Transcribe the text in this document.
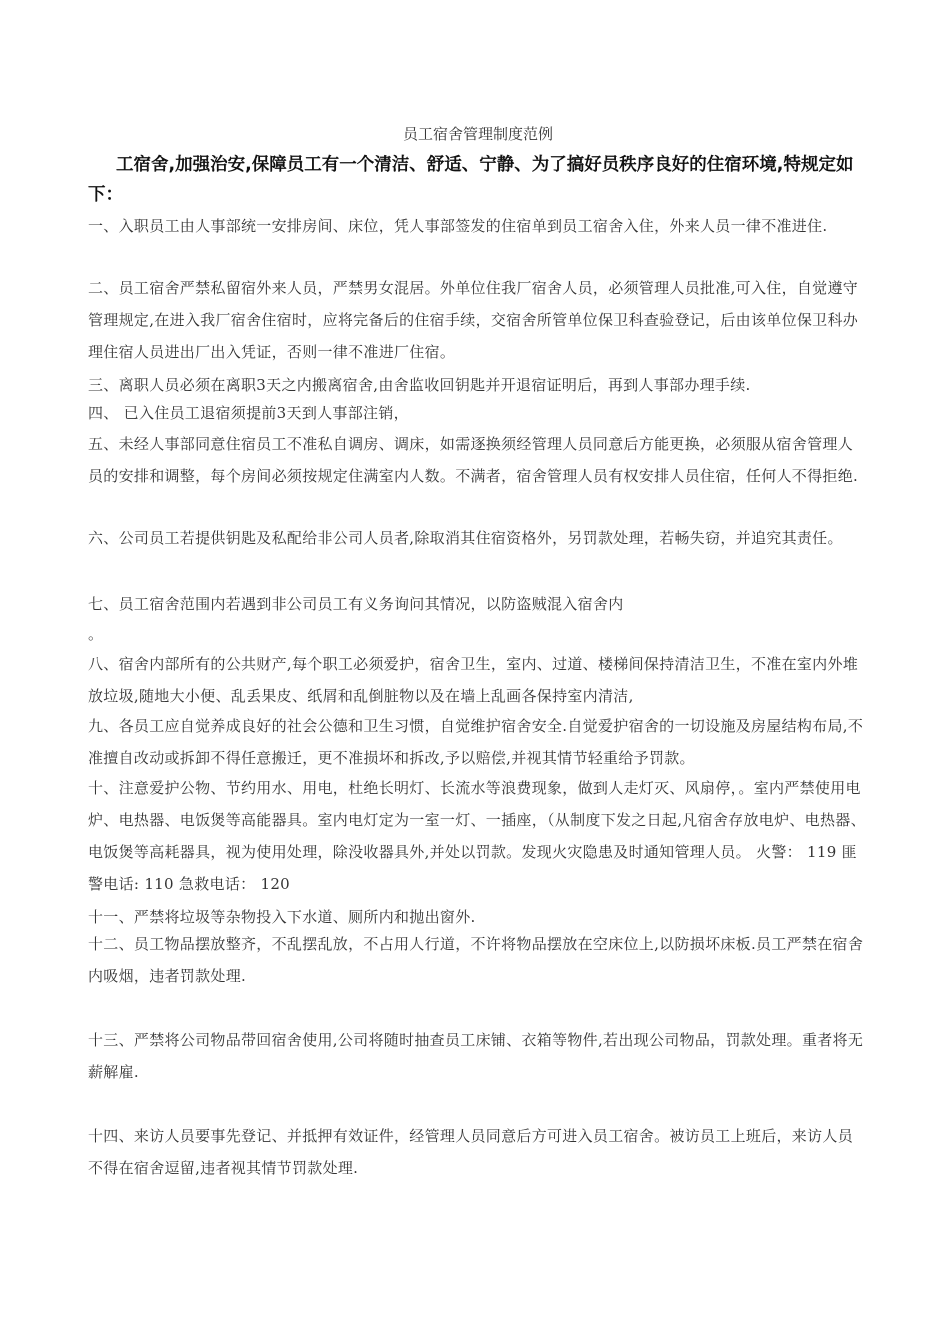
员工宿舍管理制度范例
工宿舍,加强治安,保障员工有一个清洁、舒适、宁静、为了搞好员秩序良好的住宿环境,特规定如下：
一、入职员工由人事部统一安排房间、床位，凭人事部签发的住宿单到员工宿舍入住，外来人员一律不准进住.
二、员工宿舍严禁私留宿外来人员，严禁男女混居。外单位住我厂宿舍人员，必须管理人员批准,可入住，自觉遵守管理规定,在进入我厂宿舍住宿时，应将完备后的住宿手续，交宿舍所管单位保卫科查验登记，后由该单位保卫科办理住宿人员进出厂出入凭证，否则一律不准进厂住宿。
三、离职人员必须在离职3天之内搬离宿舍,由舍监收回钥匙并开退宿证明后，再到人事部办理手续.
四、 已入住员工退宿须提前3天到人事部注销，
五、未经人事部同意住宿员工不准私自调房、调床，如需逐换须经管理人员同意后方能更换，必须服从宿舍管理人员的安排和调整，每个房间必须按规定住满室内人数。不满者，宿舍管理人员有权安排人员住宿，任何人不得拒绝.
六、公司员工若提供钥匙及私配给非公司人员者,除取消其住宿资格外，另罚款处理，若畅失窃，并追究其责任。
七、员工宿舍范围内若遇到非公司员工有义务询问其情况，以防盗贼混入宿舍内
。
八、宿舍内部所有的公共财产,每个职工必须爱护，宿舍卫生，室内、过道、楼梯间保持清洁卫生，不准在室内外堆放垃圾,随地大小便、乱丢果皮、纸屑和乱倒脏物以及在墙上乱画各保持室内清洁,
九、各员工应自觉养成良好的社会公德和卫生习惯，自觉维护宿舍安全.自觉爱护宿舍的一切设施及房屋结构布局,不准擅自改动或拆卸不得任意搬迁，更不准损坏和拆改,予以赔偿,并视其情节轻重给予罚款。
十、注意爱护公物、节约用水、用电，杜绝长明灯、长流水等浪费现象，做到人走灯灭、风扇停，。室内严禁使用电炉、电热器、电饭煲等高能器具。室内电灯定为一室一灯、一插座，（从制度下发之日起,凡宿舍存放电炉、电热器、电饭煲等高耗器具，视为使用处理，除没收器具外,并处以罚款。发现火灾隐患及时通知管理人员。 火警： 119 匪警电话: 110 急救电话： 120
十一、严禁将垃圾等杂物投入下水道、厕所内和抛出窗外.
十二、员工物品摆放整齐，不乱摆乱放，不占用人行道，不许将物品摆放在空床位上,以防损坏床板.员工严禁在宿舍内吸烟，违者罚款处理.
十三、严禁将公司物品带回宿舍使用,公司将随时抽查员工床铺、衣箱等物件,若出现公司物品，罚款处理。重者将无薪解雇.
十四、来访人员要事先登记、并抵押有效证件，经管理人员同意后方可进入员工宿舍。被访员工上班后，来访人员不得在宿舍逗留,违者视其情节罚款处理.
